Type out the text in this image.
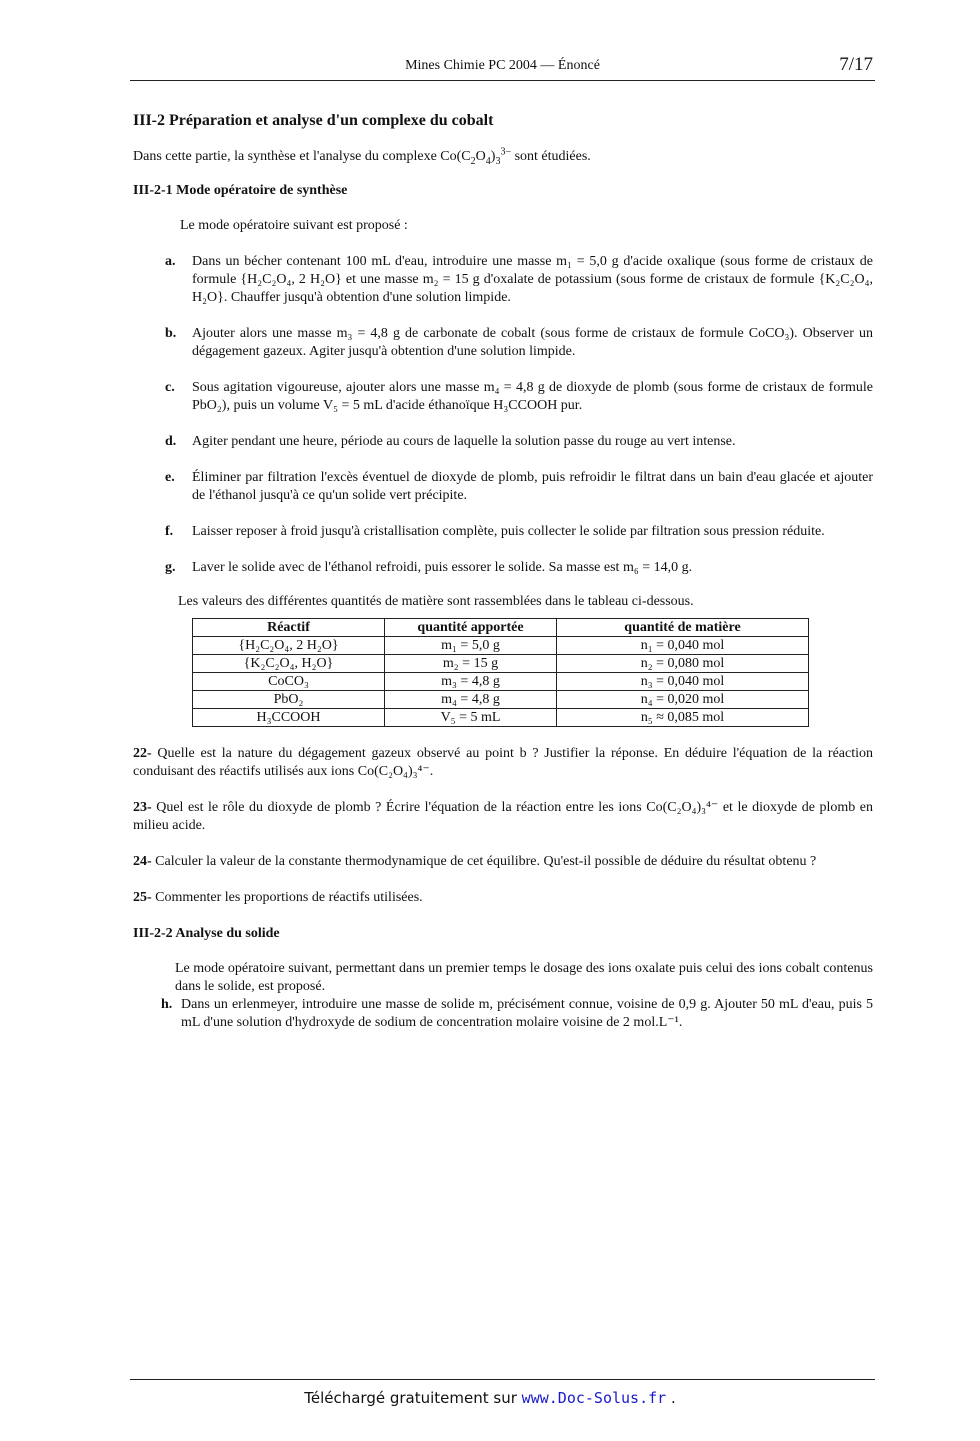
Mines Chimie PC 2004 — Énoncé	7/17
III-2 Préparation et analyse d'un complexe du cobalt

Dans cette partie, la synthèse et l'analyse du complexe $Co(C_2O_4)_3^{3-}$ sont étudiées.

III-2-1 Mode opératoire de synthèse

Le mode opératoire suivant est proposé :

a.	Dans un bécher contenant 100 mL d'eau, introduire une masse m₁ = 5,0 g d'acide oxalique (sous forme de cristaux de formule {H₂C₂O₄, 2 H₂O} et une masse m₂ = 15 g d'oxalate de potassium (sous forme de cristaux de formule {K₂C₂O₄, H₂O}. Chauffer jusqu'à obtention d'une solution limpide.
b.	Ajouter alors une masse m₃ = 4,8 g de carbonate de cobalt (sous forme de cristaux de formule CoCO₃). Observer un dégagement gazeux. Agiter jusqu'à obtention d'une solution limpide.
c.	Sous agitation vigoureuse, ajouter alors une masse m₄ = 4,8 g de dioxyde de plomb (sous forme de cristaux de formule PbO₂), puis un volume V₅ = 5 mL d'acide éthanoïque H₃CCOOH pur.
d.	Agiter pendant une heure, période au cours de laquelle la solution passe du rouge au vert intense.
e.	Éliminer par filtration l'excès éventuel de dioxyde de plomb, puis refroidir le filtrat dans un bain d'eau glacée et ajouter de l'éthanol jusqu'à ce qu'un solide vert précipite.
f.	Laisser reposer à froid jusqu'à cristallisation complète, puis collecter le solide par filtration sous pression réduite.
g.	Laver le solide avec de l'éthanol refroidi, puis essorer le solide. Sa masse est m₆ = 14,0 g.

Les valeurs des différentes quantités de matière sont rassemblées dans le tableau ci-dessous.

Réactif	quantité apportée	quantité de matière
{H₂C₂O₄, 2 H₂O}	m₁ = 5,0 g	n₁ = 0,040 mol
{K₂C₂O₄, H₂O}	m₂ = 15 g	n₂ = 0,080 mol
CoCO₃	m₃ = 4,8 g	n₃ = 0,040 mol
PbO₂	m₄ = 4,8 g	n₄ = 0,020 mol
H₃CCOOH	V₅ = 5 mL	n₅ ≈ 0,085 mol

22- Quelle est la nature du dégagement gazeux observé au point b ? Justifier la réponse. En déduire l'équation de la réaction conduisant des réactifs utilisés aux ions Co(C₂O₄)₃⁴⁻.

23- Quel est le rôle du dioxyde de plomb ? Écrire l'équation de la réaction entre les ions Co(C₂O₄)₃⁴⁻ et le dioxyde de plomb en milieu acide.

24- Calculer la valeur de la constante thermodynamique de cet équilibre. Qu'est-il possible de déduire du résultat obtenu ?

25- Commenter les proportions de réactifs utilisées.

III-2-2 Analyse du solide

Le mode opératoire suivant, permettant dans un premier temps le dosage des ions oxalate puis celui des ions cobalt contenus dans le solide, est proposé.

h. Dans un erlenmeyer, introduire une masse de solide m, précisément connue, voisine de 0,9 g. Ajouter 50 mL d'eau, puis 5 mL d'une solution d'hydroxyde de sodium de concentration molaire voisine de 2 mol.L⁻¹.
Téléchargé gratuitement sur www.Doc-Solus.fr .
